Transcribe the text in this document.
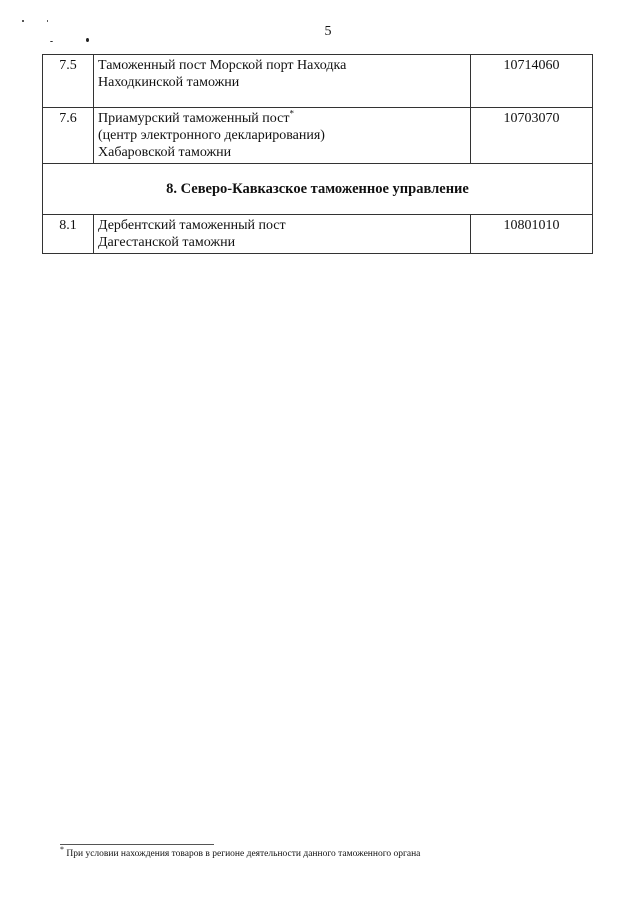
5
7.5	Таможенный пост Морской порт Находка
Находкинской таможни	10714060
7.6	Приамурский таможенный пост*
(центр электронного декларирования)
Хабаровской таможни	10703070
8. Северо-Кавказское таможенное управление		
8.1	Дербентский таможенный пост
Дагестанской таможни	10801010
* При условии нахождения товаров в регионе деятельности данного таможенного органа
